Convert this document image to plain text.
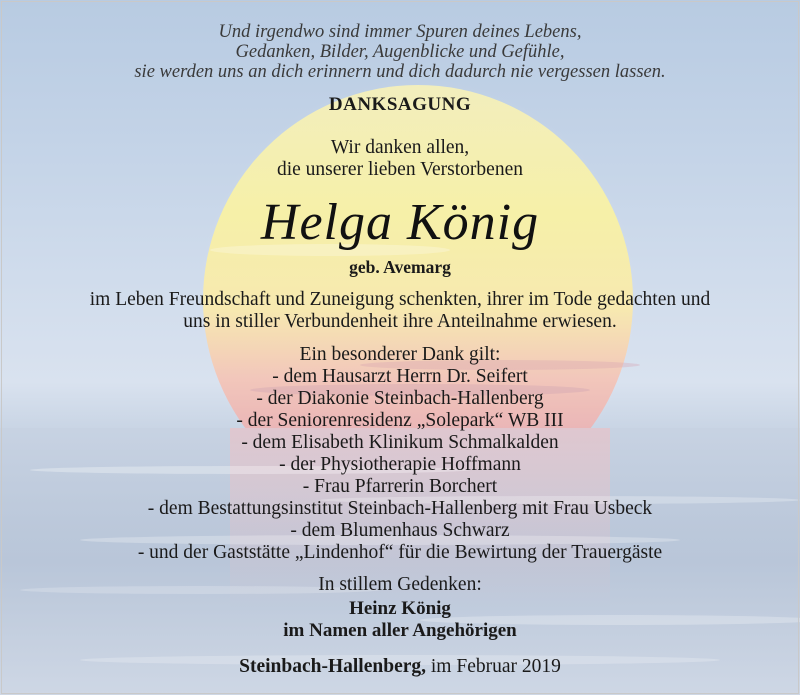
Und irgendwo sind immer Spuren deines Lebens,

Gedanken, Bilder, Augenblicke und Gefühle,

sie werden uns an dich erinnern und dich dadurch nie vergessen lassen.

DANKSAGUNG

Wir danken allen,

die unserer lieben Verstorbenen

Helga König

geb. Avemarg

im Leben Freundschaft und Zuneigung schenkten, ihrer im Tode gedachten und

uns in stiller Verbundenheit ihre Anteilnahme erwiesen.

Ein besonderer Dank gilt:

- dem Hausarzt Herrn Dr. Seifert

- der Diakonie Steinbach-Hallenberg

- der Seniorenresidenz „Solepark“ WB III

- dem Elisabeth Klinikum Schmalkalden

- der Physiotherapie Hoffmann

- Frau Pfarrerin Borchert

- dem Bestattungsinstitut Steinbach-Hallenberg mit Frau Usbeck

- dem Blumenhaus Schwarz

- und der Gaststätte „Lindenhof“ für die Bewirtung der Trauergäste

In stillem Gedenken:

Heinz König

im Namen aller Angehörigen

Steinbach-Hallenberg, im Februar 2019
